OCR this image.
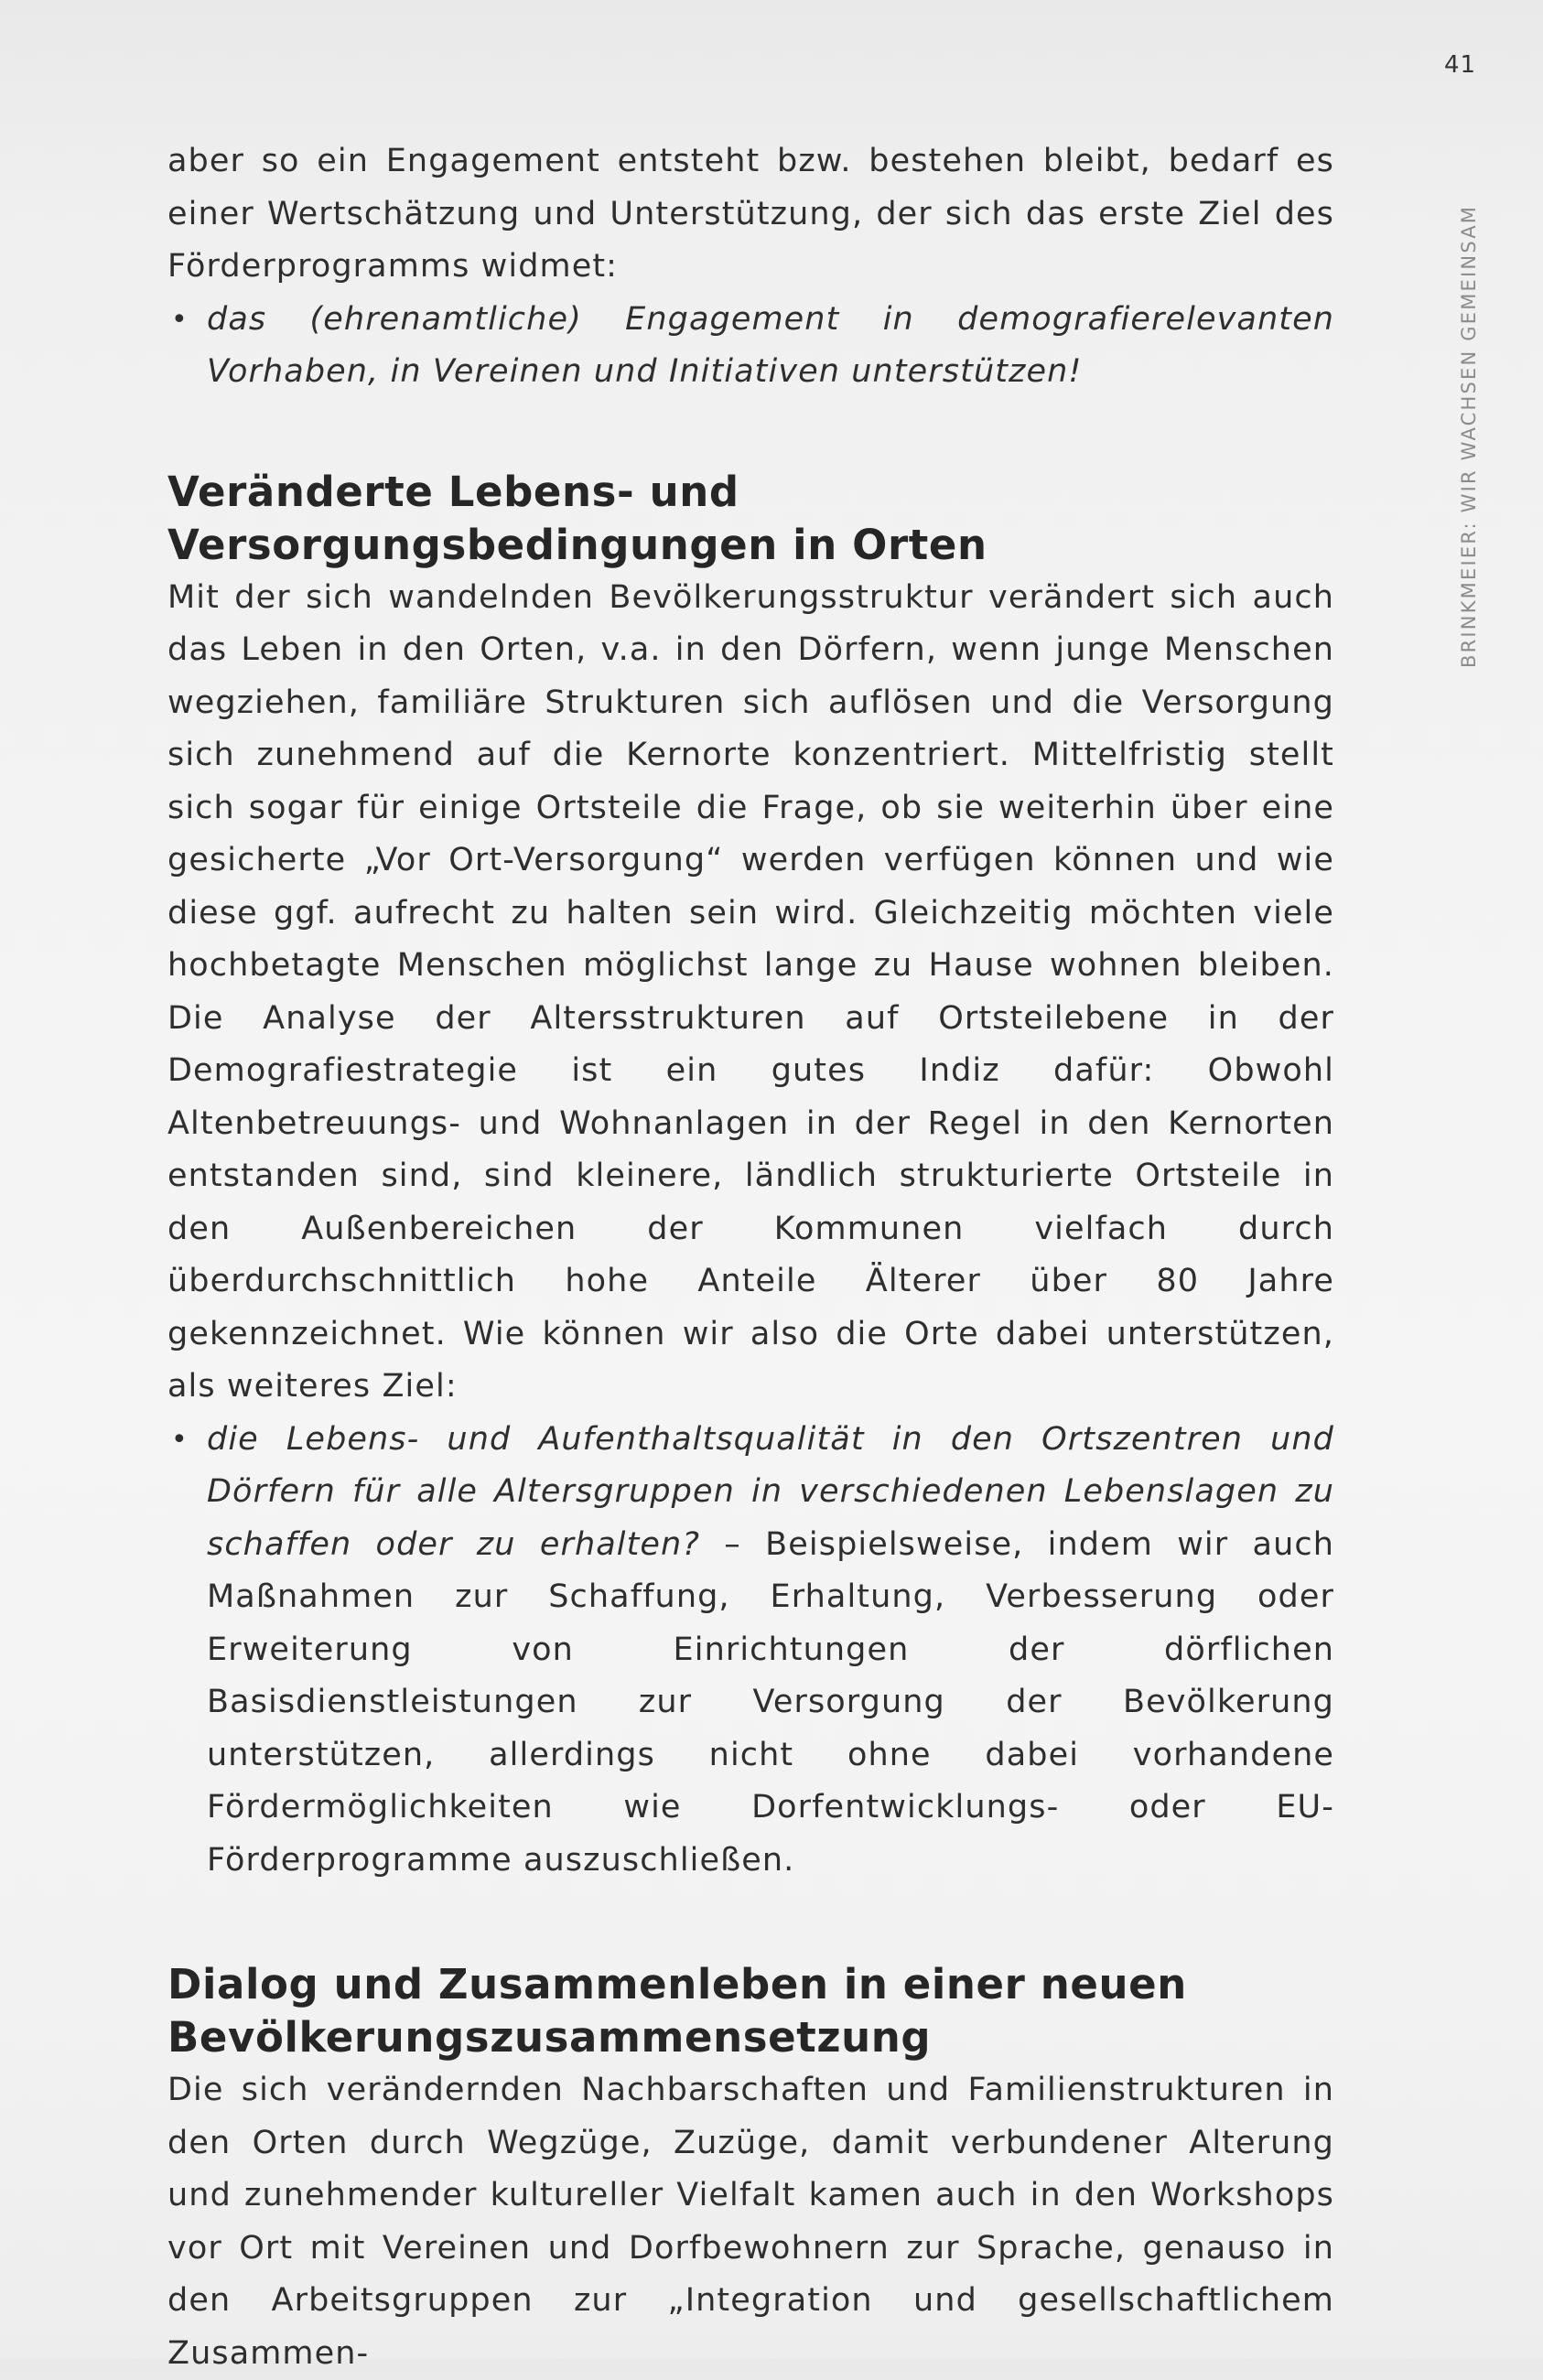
41
BRINKMEIER: WIR WACHSEN GEMEINSAM

aber so ein Engagement entsteht bzw. bestehen bleibt, bedarf es einer Wertschätzung und Unterstützung, der sich das erste Ziel des Förderprogramms widmet:

• das (ehrenamtliche) Engagement in demografierelevanten Vorhaben, in Vereinen und Initiativen unterstützen!
Veränderte Lebens- und Versorgungsbedingungen in Orten

Mit der sich wandelnden Bevölkerungsstruktur verändert sich auch das Leben in den Orten, v.a. in den Dörfern, wenn junge Menschen wegziehen, familiäre Strukturen sich auflösen und die Versorgung sich zunehmend auf die Kernorte konzentriert. Mittelfristig stellt sich sogar für einige Ortsteile die Frage, ob sie weiterhin über eine gesicherte „Vor Ort-Versorgung“ werden verfügen können und wie diese ggf. aufrecht zu halten sein wird. Gleichzeitig möchten viele hochbetagte Menschen möglichst lange zu Hause wohnen bleiben. Die Analyse der Altersstrukturen auf Ortsteilebene in der Demografiestrategie ist ein gutes Indiz dafür: Obwohl Altenbetreuungs- und Wohnanlagen in der Regel in den Kernorten entstanden sind, sind kleinere, ländlich strukturierte Ortsteile in den Außenbereichen der Kommunen vielfach durch überdurchschnittlich hohe Anteile Älterer über 80 Jahre gekennzeichnet. Wie können wir also die Orte dabei unterstützen, als weiteres Ziel:

• die Lebens- und Aufenthaltsqualität in den Ortszentren und Dörfern für alle Altersgruppen in verschiedenen Lebenslagen zu schaffen oder zu erhalten? – Beispielsweise, indem wir auch Maßnahmen zur Schaffung, Erhaltung, Verbesserung oder Erweiterung von Einrichtungen der dörflichen Basisdienstleistungen zur Versorgung der Bevölkerung unterstützen, allerdings nicht ohne dabei vorhandene Fördermöglichkeiten wie Dorfentwicklungs- oder EU-Förderprogramme auszuschließen.
Dialog und Zusammenleben in einer neuen Bevölkerungszusammensetzung

Die sich verändernden Nachbarschaften und Familienstrukturen in den Orten durch Wegzüge, Zuzüge, damit verbundener Alterung und zunehmender kultureller Vielfalt kamen auch in den Workshops vor Ort mit Vereinen und Dorfbewohnern zur Sprache, genauso in den Arbeitsgruppen zur „Integration und gesellschaftlichem Zusammen-
